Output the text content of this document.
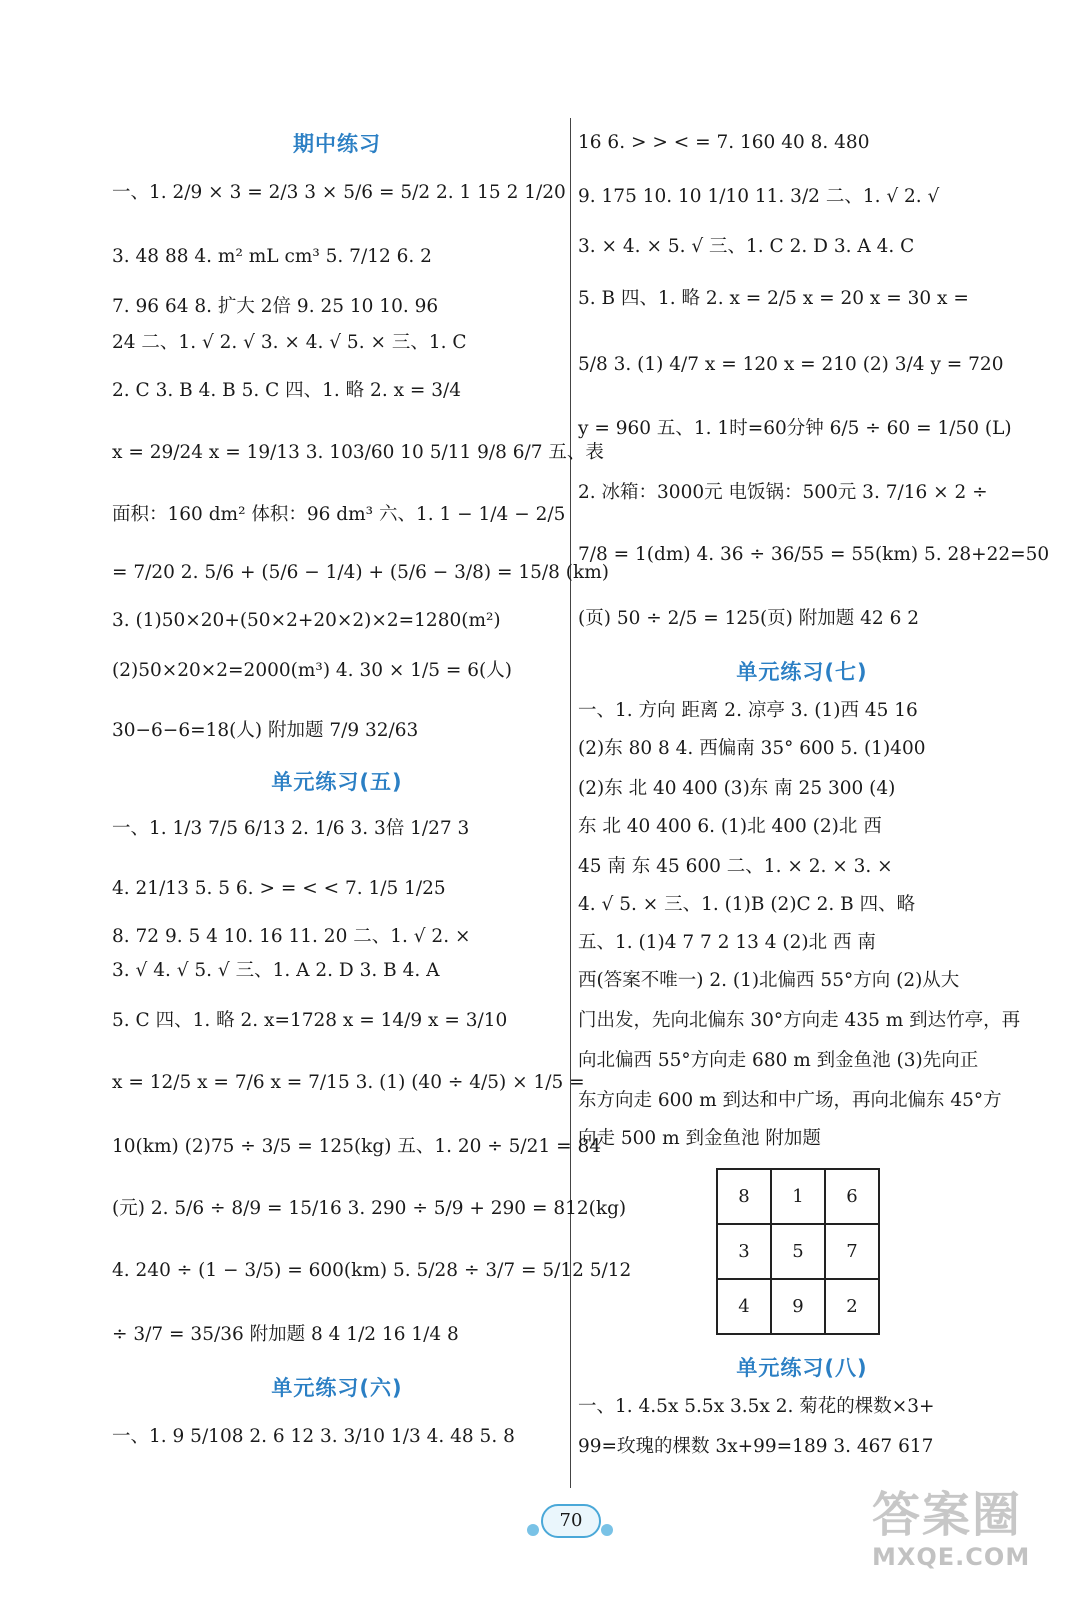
期中练习
一、1. 2/9 × 3 = 2/3 3 × 5/6 = 5/2 2. 1 15 2 1/20
3. 48 88 4. m² mL cm³ 5. 7/12 6. 2
7. 96 64 8. 扩大 2倍 9. 25 10 10. 96
24 二、1. √ 2. √ 3. × 4. √ 5. × 三、1. C
2. C 3. B 4. B 5. C 四、1. 略 2. x = 3/4
x = 29/24 x = 19/13 3. 103/60 10 5/11 9/8 6/7 五、表
面积：160 dm² 体积：96 dm³ 六、1. 1 − 1/4 − 2/5
= 7/20 2. 5/6 + (5/6 − 1/4) + (5/6 − 3/8) = 15/8 (km)
3. (1)50×20+(50×2+20×2)×2=1280(m²)
(2)50×20×2=2000(m³) 4. 30 × 1/5 = 6(人)
30−6−6=18(人) 附加题 7/9 32/63
单元练习(五)
一、1. 1/3 7/5 6/13 2. 1/6 3. 3倍 1/27 3
4. 21/13 5. 5 6. > = < < 7. 1/5 1/25
8. 72 9. 5 4 10. 16 11. 20 二、1. √ 2. ×
3. √ 4. √ 5. √ 三、1. A 2. D 3. B 4. A
5. C 四、1. 略 2. x=1728 x = 14/9 x = 3/10
x = 12/5 x = 7/6 x = 7/15 3. (1) (40 ÷ 4/5) × 1/5 =
10(km) (2)75 ÷ 3/5 = 125(kg) 五、1. 20 ÷ 5/21 = 84
(元) 2. 5/6 ÷ 8/9 = 15/16 3. 290 ÷ 5/9 + 290 = 812(kg)
4. 240 ÷ (1 − 3/5) = 600(km) 5. 5/28 ÷ 3/7 = 5/12 5/12
÷ 3/7 = 35/36 附加题 8 4 1/2 16 1/4 8
单元练习(六)
一、1. 9 5/108 2. 6 12 3. 3/10 1/3 4. 48 5. 8
16 6. > > < = 7. 160 40 8. 480
9. 175 10. 10 1/10 11. 3/2 二、1. √ 2. √
3. × 4. × 5. √ 三、1. C 2. D 3. A 4. C
5. B 四、1. 略 2. x = 2/5 x = 20 x = 30 x =
5/8 3. (1) 4/7 x = 120 x = 210 (2) 3/4 y = 720
y = 960 五、1. 1时=60分钟 6/5 ÷ 60 = 1/50 (L)
2. 冰箱：3000元 电饭锅：500元 3. 7/16 × 2 ÷
7/8 = 1(dm) 4. 36 ÷ 36/55 = 55(km) 5. 28+22=50
(页) 50 ÷ 2/5 = 125(页) 附加题 42 6 2
单元练习(七)
一、1. 方向 距离 2. 凉亭 3. (1)西 45 16
(2)东 80 8 4. 西偏南 35° 600 5. (1)400
(2)东 北 40 400 (3)东 南 25 300 (4)
东 北 40 400 6. (1)北 400 (2)北 西
45 南 东 45 600 二、1. × 2. × 3. ×
4. √ 5. × 三、1. (1)B (2)C 2. B 四、略
五、1. (1)4 7 7 2 13 4 (2)北 西 南
西(答案不唯一) 2. (1)北偏西 55°方向 (2)从大
门出发，先向北偏东 30°方向走 435 m 到达竹亭，再
向北偏西 55°方向走 680 m 到金鱼池 (3)先向正
东方向走 600 m 到达和中广场，再向北偏东 45°方
向走 500 m 到金鱼池 附加题
8	1	6
3	5	7
4	9	2
单元练习(八)
一、1. 4.5x 5.5x 3.5x 2. 菊花的棵数×3+
99=玫瑰的棵数 3x+99=189 3. 467 617
70	答案圈
MXQE.COM
